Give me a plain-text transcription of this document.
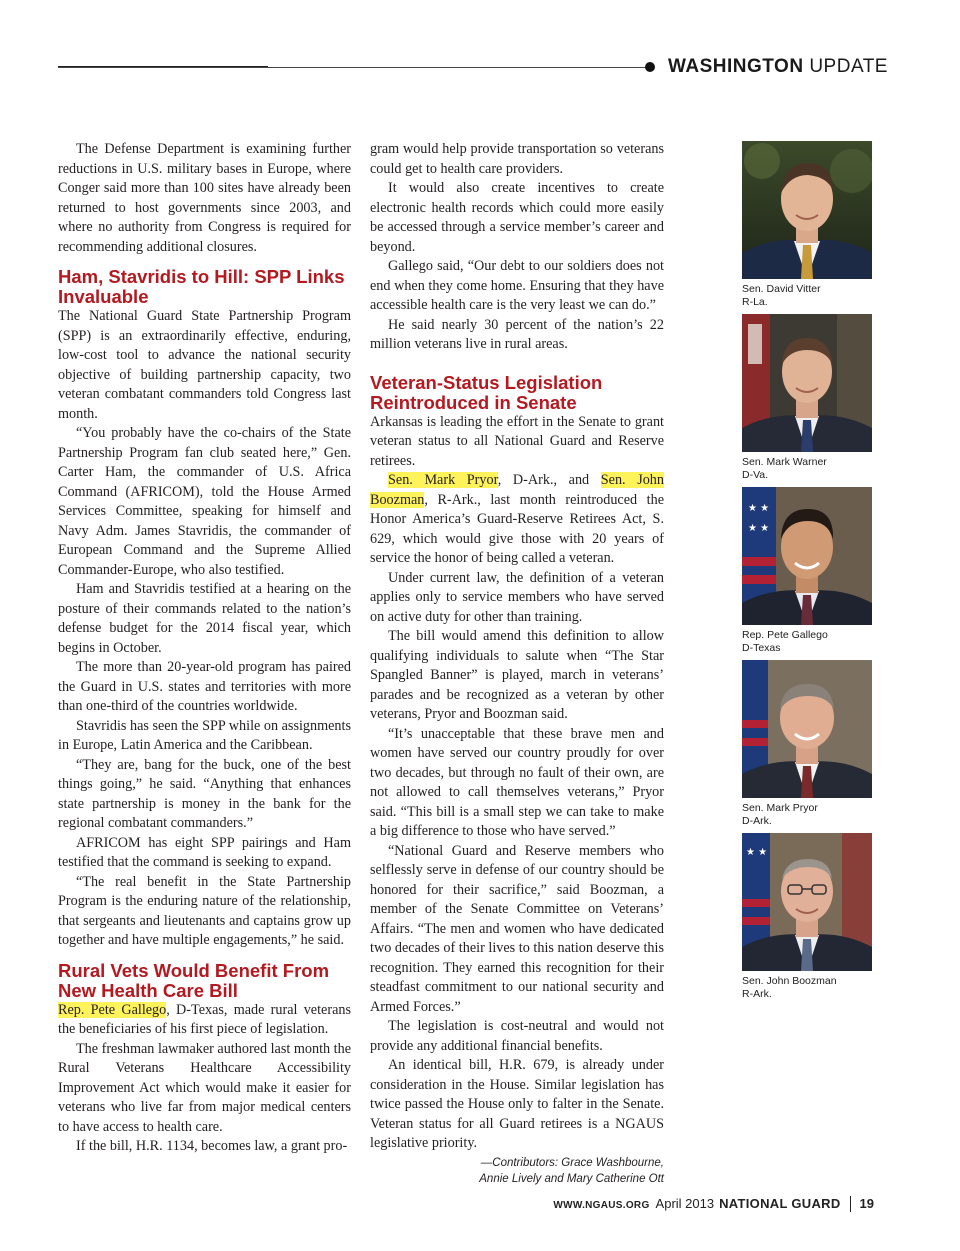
WASHINGTON UPDATE

The Defense Department is examining further reductions in U.S. military bases in Europe, where Conger said more than 100 sites have already been returned to host governments since 2003, and where no authority from Congress is required for recommending additional closures.

Ham, Stavridis to Hill: SPP Links Invaluable

The National Guard State Partnership Program (SPP) is an extraordinarily effective, enduring, low-cost tool to advance the national security objective of building partnership capacity, two veteran combatant commanders told Congress last month.

“You probably have the co-chairs of the State Partnership Program fan club seated here,” Gen. Carter Ham, the commander of U.S. Africa Command (AFRICOM), told the House Armed Services Committee, speaking for himself and Navy Adm. James Stavridis, the commander of European Command and the Supreme Allied Commander-Europe, who also testified.

Ham and Stavridis testified at a hearing on the posture of their commands related to the nation’s defense budget for the 2014 fiscal year, which begins in October.

The more than 20-year-old program has paired the Guard in U.S. states and territories with more than one-third of the countries worldwide.

Stavridis has seen the SPP while on assignments in Europe, Latin America and the Caribbean.

“They are, bang for the buck, one of the best things going,” he said. “Anything that enhances state partnership is money in the bank for the regional combatant commanders.”

AFRICOM has eight SPP pairings and Ham testified that the command is seeking to expand.

“The real benefit in the State Partnership Program is the enduring nature of the relationship, that sergeants and lieutenants and captains grow up together and have multiple engagements,” he said.

Rural Vets Would Benefit From New Health Care Bill

Rep. Pete Gallego, D-Texas, made rural veterans the beneficiaries of his first piece of legislation.

The freshman lawmaker authored last month the Rural Veterans Healthcare Accessibility Improvement Act which would make it easier for veterans who live far from major medical centers to have access to health care.

If the bill, H.R. 1134, becomes law, a grant pro-

gram would help provide transportation so veterans could get to health care providers.

It would also create incentives to create electronic health records which could more easily be accessed through a service member’s career and beyond.

Gallego said, “Our debt to our soldiers does not end when they come home. Ensuring that they have accessible health care is the very least we can do.”

He said nearly 30 percent of the nation’s 22 million veterans live in rural areas.

Veteran-Status Legislation Reintroduced in Senate

Arkansas is leading the effort in the Senate to grant veteran status to all National Guard and Reserve retirees.

Sen. Mark Pryor, D-Ark., and Sen. John Boozman, R-Ark., last month reintroduced the Honor America’s Guard-Reserve Retirees Act, S. 629, which would give those with 20 years of service the honor of being called a veteran.

Under current law, the definition of a veteran applies only to service members who have served on active duty for other than training.

The bill would amend this definition to allow qualifying individuals to salute when “The Star Spangled Banner” is played, march in veterans’ parades and be recognized as a veteran by other veterans, Pryor and Boozman said.

“It’s unacceptable that these brave men and women have served our country proudly for over two decades, but through no fault of their own, are not allowed to call themselves veterans,” Pryor said. “This bill is a small step we can take to make a big difference to those who have served.”

“National Guard and Reserve members who selflessly serve in defense of our country should be honored for their sacrifice,” said Boozman, a member of the Senate Committee on Veterans’ Affairs. “The men and women who have dedicated two decades of their lives to this nation deserve this recognition. They earned this recognition for their steadfast commitment to our national security and Armed Forces.”

The legislation is cost-neutral and would not provide any additional financial benefits.

An identical bill, H.R. 679, is already under consideration in the House. Similar legislation has twice passed the House only to falter in the Senate. Veteran status for all Guard retirees is a NGAUS legislative priority.

—Contributors: Grace Washbourne,
Annie Lively and Mary Catherine Ott
Sen. David Vitter
R-La.
Sen. Mark Warner
D-Va.
★ ★
★ ★
Rep. Pete Gallego
D-Texas
Sen. Mark Pryor
D-Ark.
★ ★
Sen. John Boozman
R-Ark.
WWW.NGAUS.ORG April 2013 NATIONAL GUARD 19
